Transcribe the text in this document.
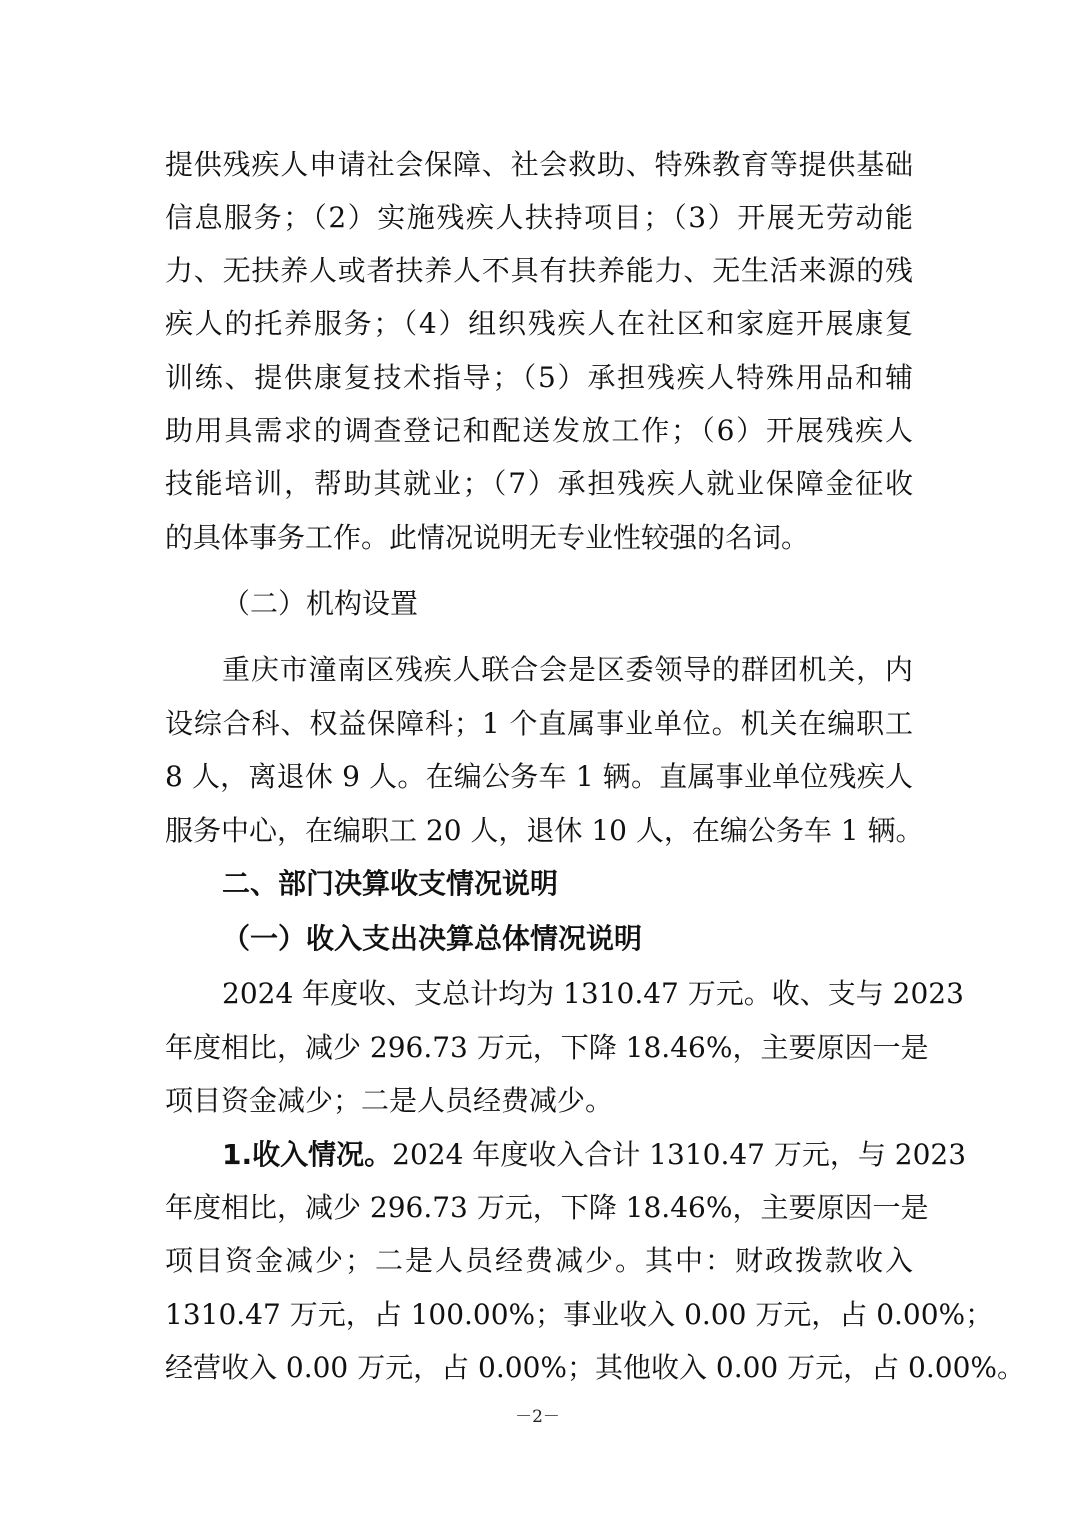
提供残疾人申请社会保障、社会救助、特殊教育等提供基础
信息服务；（2）实施残疾人扶持项目；（3）开展无劳动能
力、无扶养人或者扶养人不具有扶养能力、无生活来源的残
疾人的托养服务；（4）组织残疾人在社区和家庭开展康复
训练、提供康复技术指导；（5）承担残疾人特殊用品和辅
助用具需求的调查登记和配送发放工作；（6）开展残疾人
技能培训，帮助其就业；（7）承担残疾人就业保障金征收
的具体事务工作。此情况说明无专业性较强的名词。
（二）机构设置
重庆市潼南区残疾人联合会是区委领导的群团机关，内
设综合科、权益保障科；1 个直属事业单位。机关在编职工
8 人，离退休 9 人。在编公务车 1 辆。直属事业单位残疾人
服务中心，在编职工 20 人，退休 10 人，在编公务车 1 辆。
二、部门决算收支情况说明
（一）收入支出决算总体情况说明
2024 年度收、支总计均为 1310.47 万元。收、支与 2023
年度相比，减少 296.73 万元，下降 18.46%，主要原因一是
项目资金减少；二是人员经费减少。
1.收入情况。2024 年度收入合计 1310.47 万元，与 2023
年度相比，减少 296.73 万元，下降 18.46%，主要原因一是
项目资金减少；二是人员经费减少。其中：财政拨款收入
1310.47 万元，占 100.00%；事业收入 0.00 万元，占 0.00%；
经营收入 0.00 万元，占 0.00%；其他收入 0.00 万元，占 0.00%。
－2－
